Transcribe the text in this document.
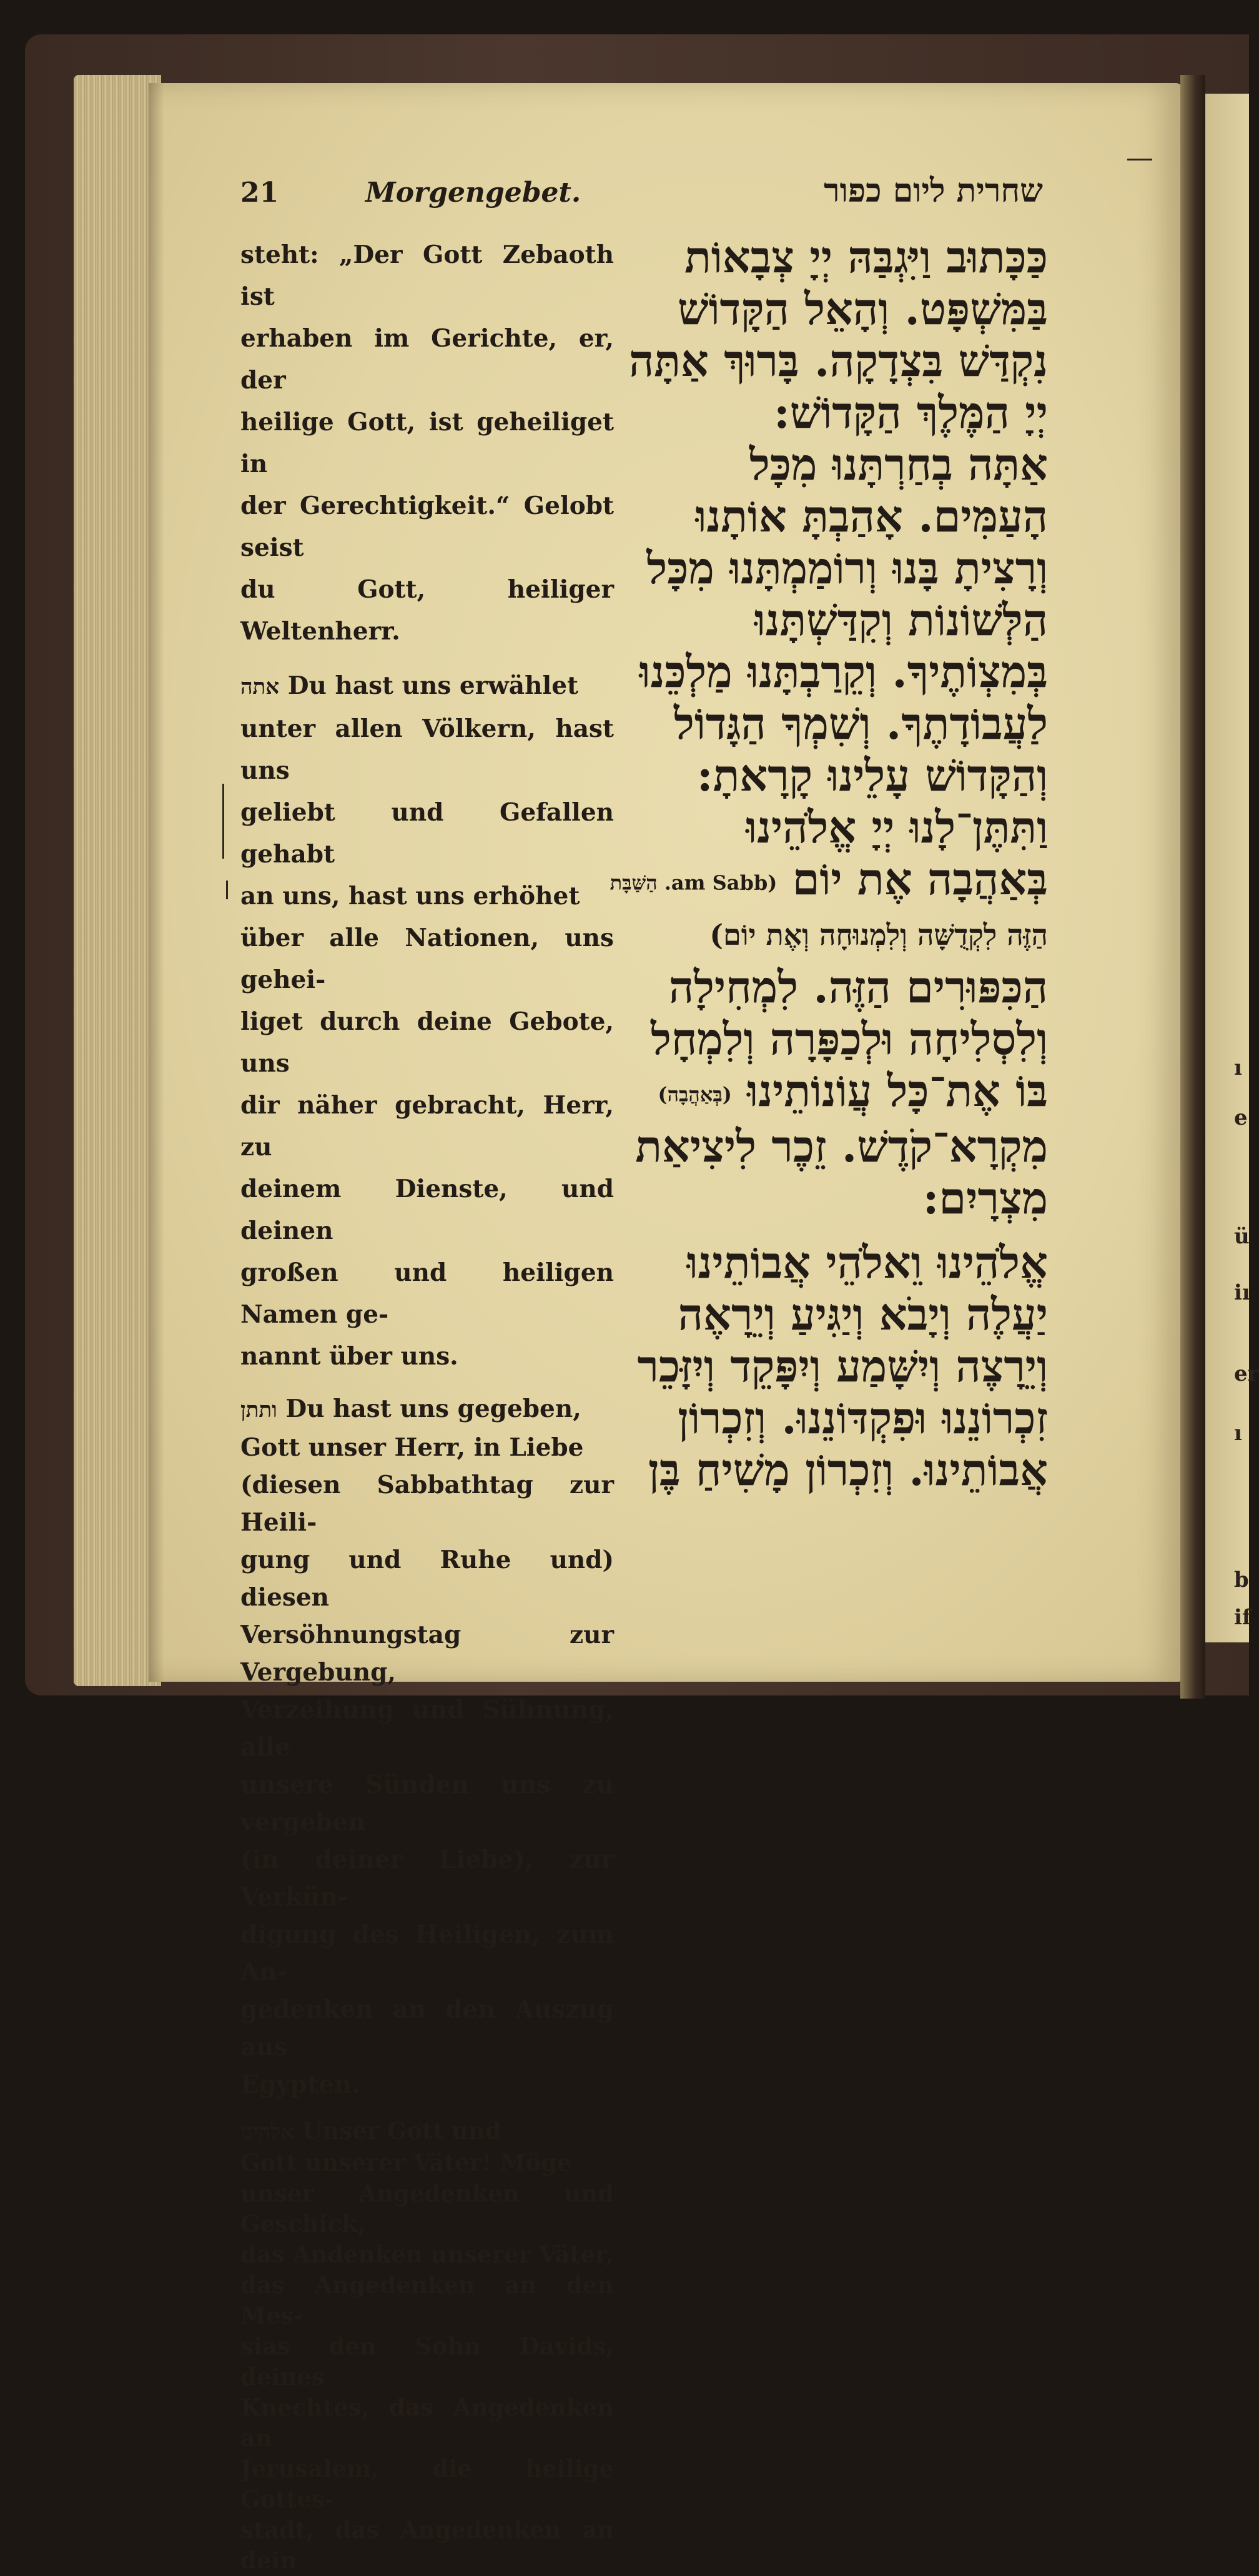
ı
e
ü
iı
er
ı
b
if
21	Morgengebet.	שחרית ליום כפור

steht: „Der Gott Zebaoth ist
erhaben im Gerichte, er, der
heilige Gott, ist geheiliget in
der Gerechtigkeit.“ Gelobt seist
du Gott, heiliger Weltenherr.

אתה Du hast uns erwählet
unter allen Völkern, hast uns
geliebt und Gefallen gehabt
an uns, hast uns erhöhet
über alle Nationen, uns gehei-
liget durch deine Gebote, uns
dir näher gebracht, Herr, zu
deinem Dienste, und deinen
großen und heiligen Namen ge-
nannt über uns.

ותתן Du hast uns gegeben,
Gott unser Herr, in Liebe
(diesen Sabbathtag zur Heili-
gung und Ruhe und) diesen
Versöhnungstag zur Vergebung,
Verzeihung und Sühnung, alle
unsere Sünden uns zu vergeben
(in deiner Liebe), zur Verkün-
digung des Heiligen, zum An-
gedenken an den Auszug aus
Egypten.

אלהינו Unser Gott und
Gott unserer Väter! Möge
unser Angedenken und Geschick,
das Andenken unserer Väter,
das Angedenken an den Mes-
sias den Sohn Davids, deines
Knechtes, das Angedenken an
Jerusalem, die heilige Gottes-
stadt, das Angedenken an dein

כַּכָּתוּב וַיִּגְבַּהּ יְיָ צְבָאוֹת
בַּמִּשְׁפָּט. וְהָאֵל הַקָּדוֹשׁ
נִקְדַּשׁ בִּצְדָקָה. בָּרוּךְ אַתָּה
יְיָ הַמֶּלֶךְ הַקָּדוֹשׁ:
אַתָּה בְחַרְתָּנוּ מִכָּל
הָעַמִּים. אָהַבְתָּ אוֹתָנוּ
וְרָצִיתָ בָּנוּ וְרוֹמַמְתָּנוּ מִכָּל
הַלְּשׁוֹנוֹת וְקִדַּשְׁתָּנוּ
בְּמִצְוֹתֶיךָ. וְקֵרַבְתָּנוּ מַלְכֵּנוּ
לַעֲבוֹדָתֶךָ. וְשִׁמְךָ הַגָּדוֹל
וְהַקָּדוֹשׁ עָלֵינוּ קָרָאתָ:
וַתִּתֶּן־לָנוּ יְיָ אֱלֹהֵינוּ
בְּאַהֲבָה אֶת יוֹם (am Sabb. הַשַּׁבָּת
הַזֶּה לִקְדֻשָּׁה וְלִמְנוּחָה וְאֶת יוֹם)
הַכִּפּוּרִים הַזֶּה. לִמְחִילָה
וְלִסְלִיחָה וּלְכַפָּרָה וְלִמְחָל
בּוֹ אֶת־כָּל עֲוֹנוֹתֵינוּ (בְּאַהֲבָה)
מִקְרָא־קֹדֶשׁ. זֵכֶר לִיצִיאַת
מִצְרָיִם:
אֱלֹהֵינוּ וֵאלֹהֵי אֲבוֹתֵינוּ
יַעֲלֶה וְיָבֹא וְיַגִּיעַ וְיֵרָאֶה
וְיֵרָצֶה וְיִשָּׁמַע וְיִפָּקֵד וְיִזָּכֵר
זִכְרוֹנֵנוּ וּפִקְדּוֹנֵנוּ. וְזִכְרוֹן
אֲבוֹתֵינוּ. וְזִכְרוֹן מָשִׁיחַ בֶּן
